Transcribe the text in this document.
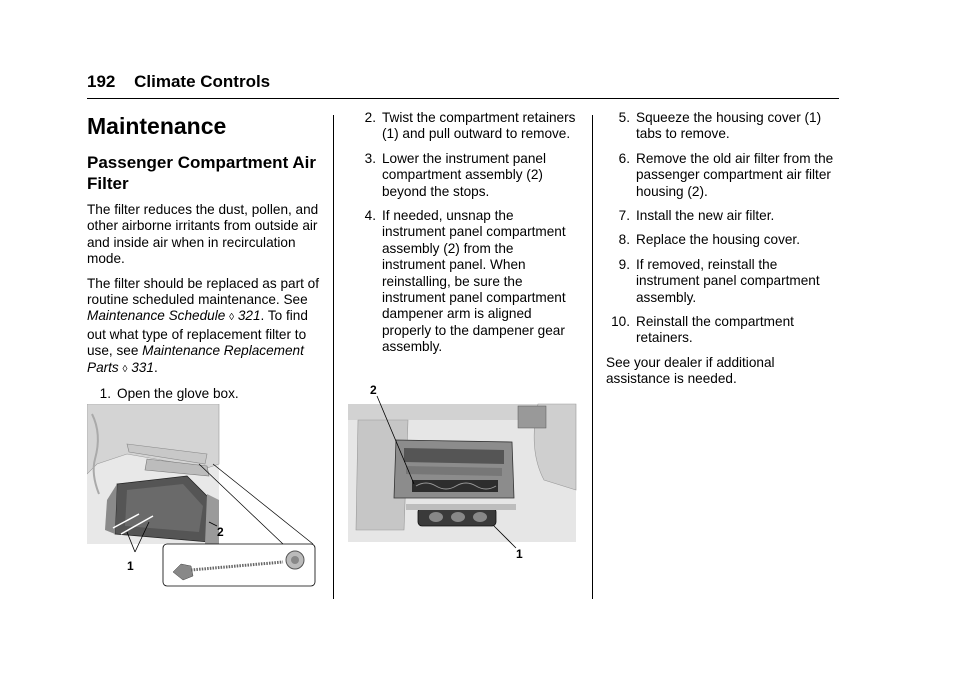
192 Climate Controls
Maintenance
Passenger Compartment Air Filter

The filter reduces the dust, pollen, and other airborne irritants from outside air and inside air when in recirculation mode.

The filter should be replaced as part of routine scheduled maintenance. See Maintenance Schedule ◊ 321. To find out what type of replacement filter to use, see Maintenance Replacement Parts ◊ 331.

1. Open the glove box.
1
2
2. Twist the compartment retainers (1) and pull outward to remove.
3. Lower the instrument panel compartment assembly (2) beyond the stops.
4. If needed, unsnap the instrument panel compartment assembly (2) from the instrument panel. When reinstalling, be sure the instrument panel compartment dampener arm is aligned properly to the dampener gear assembly.
2
1
5. Squeeze the housing cover (1) tabs to remove.
6. Remove the old air filter from the passenger compartment air filter housing (2).
7. Install the new air filter.
8. Replace the housing cover.
9. If removed, reinstall the instrument panel compartment assembly.
10. Reinstall the compartment retainers.

See your dealer if additional assistance is needed.
